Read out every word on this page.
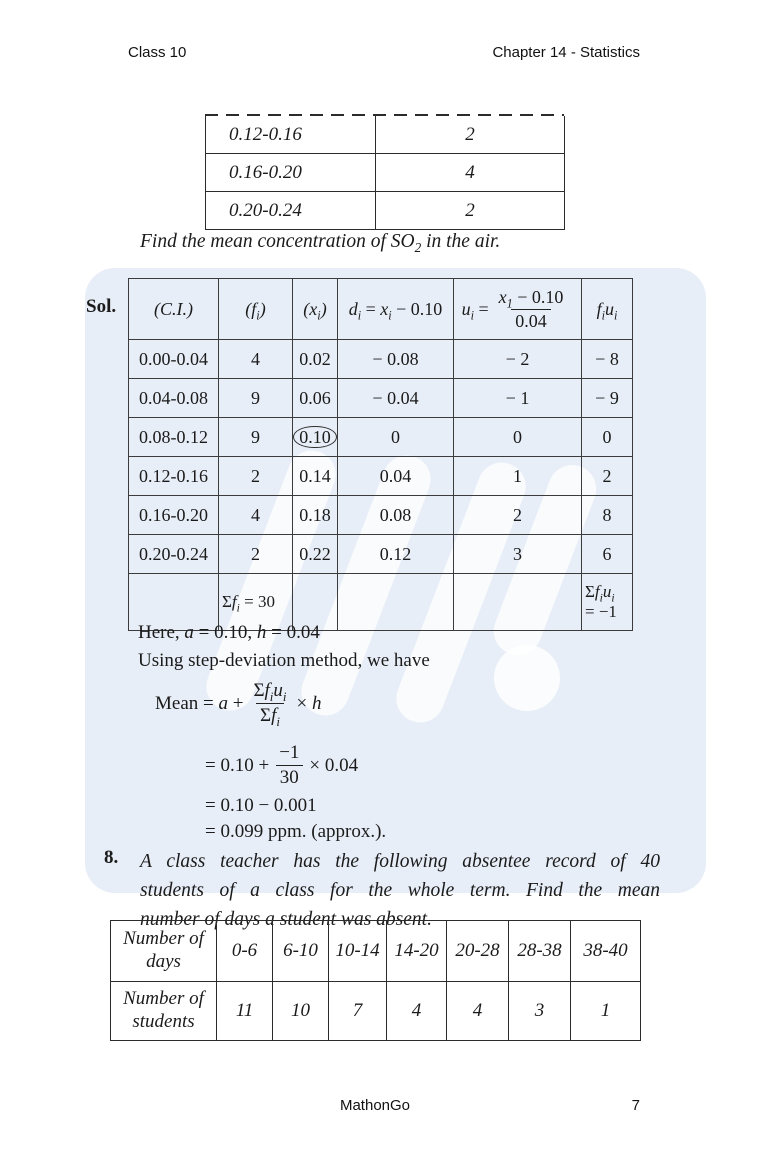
Class 10	Chapter 14 - Statistics
0.12-0.16	2
0.16-0.20	4
0.20-0.24	2
Find the mean concentration of $SO_2$ in the air.
Sol. (C.I.)	$(f_i)$	$(x_i)$	$d_i = x_i - 0.10$	$u_i = \frac{x_1 - 0.10}{0.04}$	$f_iu_i$
0.00-0.04	4	0.02	− 0.08	− 2	− 8
0.04-0.08	9	0.06	− 0.04	− 1	− 9
0.08-0.12	9	0.10	0	0	0
0.12-0.16	2	0.14	0.04	1	2
0.16-0.20	4	0.18	0.08	2	8
0.20-0.24	2	0.22	0.12	3	6
	$\Sigma f_i = 30$				$\Sigma f_iu_i$
= −1
Here, a = 0.10, h = 0.04
Using step-deviation method, we have
Mean = $a + \frac{\Sigma f_iu_i}{\Sigma f_i} \times h$
= $0.10 + \frac{-1}{30} \times 0.04$
= 0.10 − 0.001
= 0.099 ppm. (approx.).
8. A class teacher has the following absentee record of 40
students of a class for the whole term. Find the mean
number of days a student was absent.
Number of days	0-6	6-10	10-14	14-20	20-28	28-38	38-40
Number of students	11	10	7	4	4	3	1
MathonGo	7
